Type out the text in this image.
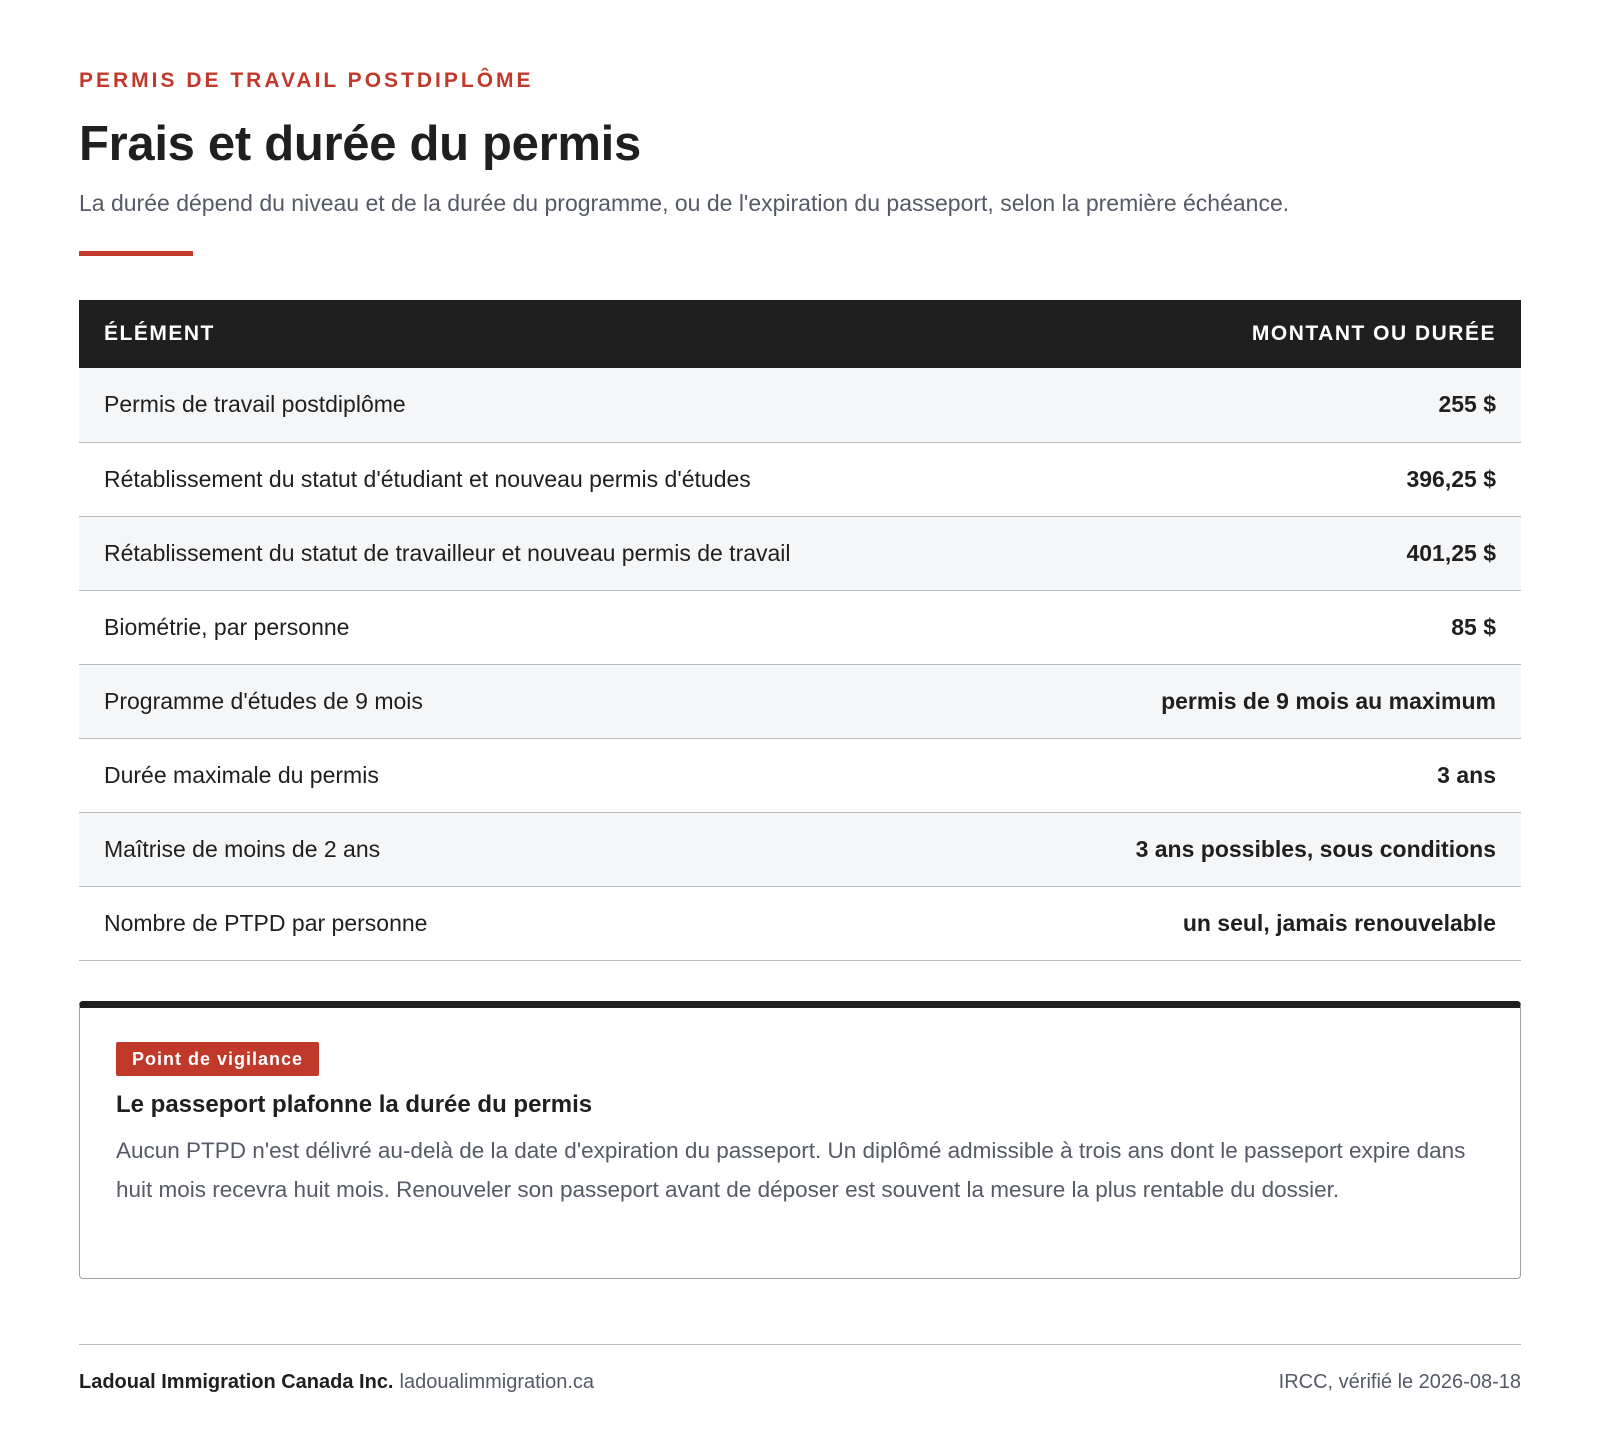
PERMIS DE TRAVAIL POSTDIPLÔME
Frais et durée du permis

La durée dépend du niveau et de la durée du programme, ou de l'expiration du passeport, selon la première échéance.

ÉLÉMENT	MONTANT OU DURÉE
Permis de travail postdiplôme	255 $
Rétablissement du statut d'étudiant et nouveau permis d'études	396,25 $
Rétablissement du statut de travailleur et nouveau permis de travail	401,25 $
Biométrie, par personne	85 $
Programme d'études de 9 mois	permis de 9 mois au maximum
Durée maximale du permis	3 ans
Maîtrise de moins de 2 ans	3 ans possibles, sous conditions
Nombre de PTPD par personne	un seul, jamais renouvelable
Point de vigilance
Le passeport plafonne la durée du permis

Aucun PTPD n'est délivré au-delà de la date d'expiration du passeport. Un diplômé admissible à trois ans dont le passeport expire dans huit mois recevra huit mois. Renouveler son passeport avant de déposer est souvent la mesure la plus rentable du dossier.

Ladoual Immigration Canada Inc. ladoualimmigration.ca	IRCC, vérifié le 2026-08-18
